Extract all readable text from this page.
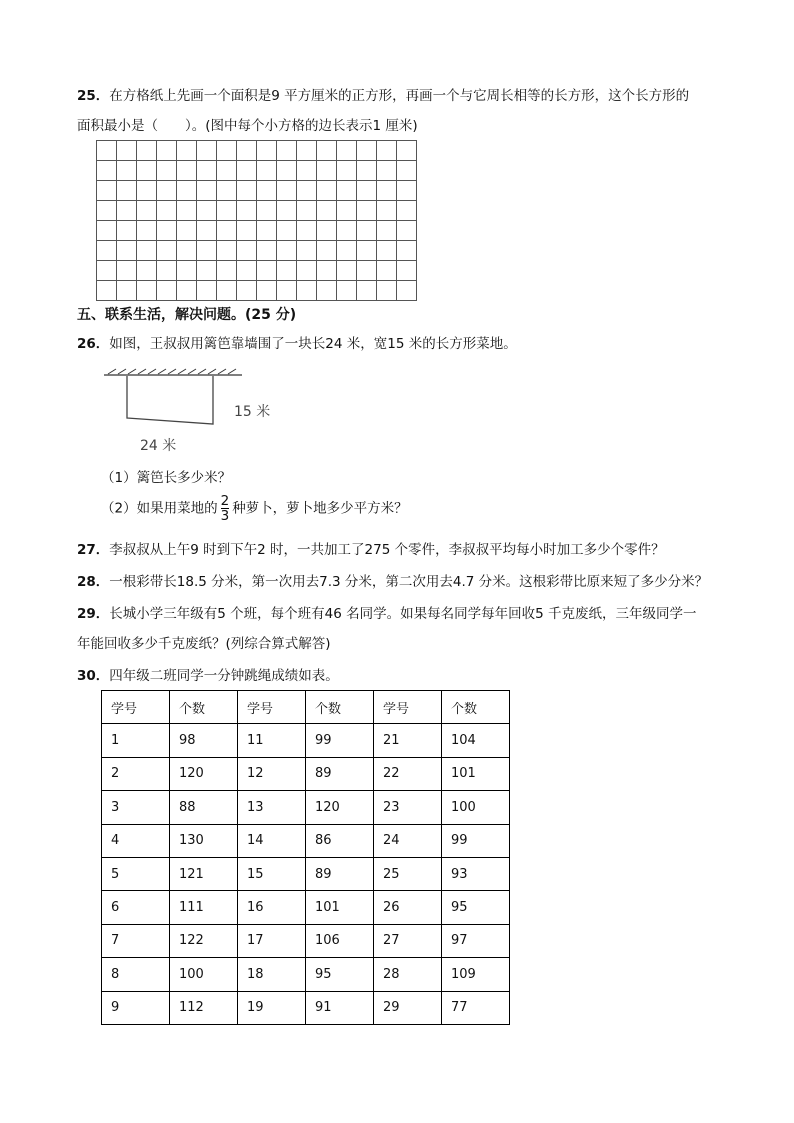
25．在方格纸上先画一个面积是9 平方厘米的正方形，再画一个与它周长相等的长方形，这个长方形的
面积最小是（　　）。(图中每个小方格的边长表示1 厘米)

五、联系生活，解决问题。(25 分)
26．如图，王叔叔用篱笆靠墙围了一块长24 米，宽15 米的长方形菜地。
15 米
24 米
（1）篱笆长多少米？
（2）如果用菜地的 $\frac{2}{3}$ 种萝卜，萝卜地多少平方米？
27．李叔叔从上午9 时到下午2 时，一共加工了275 个零件，李叔叔平均每小时加工多少个零件？
28．一根彩带长18.5 分米，第一次用去7.3 分米，第二次用去4.7 分米。这根彩带比原来短了多少分米？
29．长城小学三年级有5 个班，每个班有46 名同学。如果每名同学每年回收5 千克废纸，三年级同学一
年能回收多少千克废纸？(列综合算式解答)
30．四年级二班同学一分钟跳绳成绩如表。
学号	个数	学号	个数	学号	个数
1	98	11	99	21	104
2	120	12	89	22	101
3	88	13	120	23	100
4	130	14	86	24	99
5	121	15	89	25	93
6	111	16	101	26	95
7	122	17	106	27	97
8	100	18	95	28	109
9	112	19	91	29	77
